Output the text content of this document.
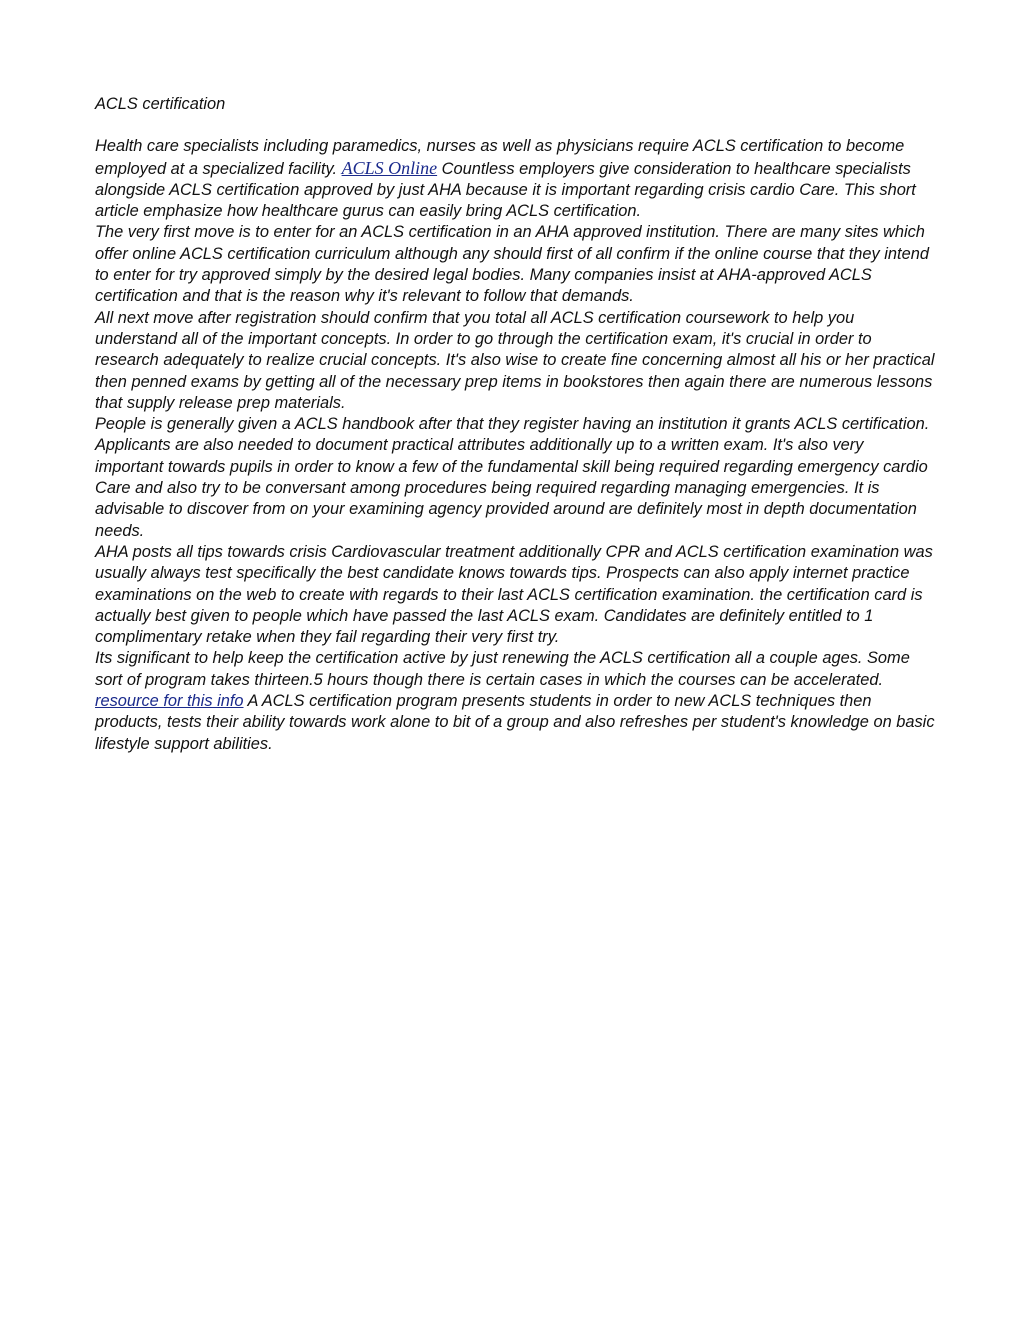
ACLS certification

Health care specialists including paramedics, nurses as well as physicians require ACLS certification to become employed at a specialized facility. ACLS Online Countless employers give consideration to healthcare specialists alongside ACLS certification approved by just AHA because it is important regarding crisis cardio Care. This short article emphasize how healthcare gurus can easily bring ACLS certification.

The very first move is to enter for an ACLS certification in an AHA approved institution. There are many sites which offer online ACLS certification curriculum although any should first of all confirm if the online course that they intend to enter for try approved simply by the desired legal bodies. Many companies insist at AHA-approved ACLS certification and that is the reason why it's relevant to follow that demands.

All next move after registration should confirm that you total all ACLS certification coursework to help you understand all of the important concepts. In order to go through the certification exam, it's crucial in order to research adequately to realize crucial concepts. It's also wise to create fine concerning almost all his or her practical then penned exams by getting all of the necessary prep items in bookstores then again there are numerous lessons that supply release prep materials.

People is generally given a ACLS handbook after that they register having an institution it grants ACLS certification. Applicants are also needed to document practical attributes additionally up to a written exam. It's also very important towards pupils in order to know a few of the fundamental skill being required regarding emergency cardio Care and also try to be conversant among procedures being required regarding managing emergencies. It is advisable to discover from on your examining agency provided around are definitely most in depth documentation needs.

AHA posts all tips towards crisis Cardiovascular treatment additionally CPR and ACLS certification examination was usually always test specifically the best candidate knows towards tips. Prospects can also apply internet practice examinations on the web to create with regards to their last ACLS certification examination. the certification card is actually best given to people which have passed the last ACLS exam. Candidates are definitely entitled to 1 complimentary retake when they fail regarding their very first try.

Its significant to help keep the certification active by just renewing the ACLS certification all a couple ages. Some sort of program takes thirteen.5 hours though there is certain cases in which the courses can be accelerated. resource for this info A ACLS certification program presents students in order to new ACLS techniques then products, tests their ability towards work alone to bit of a group and also refreshes per student's knowledge on basic lifestyle support abilities.
